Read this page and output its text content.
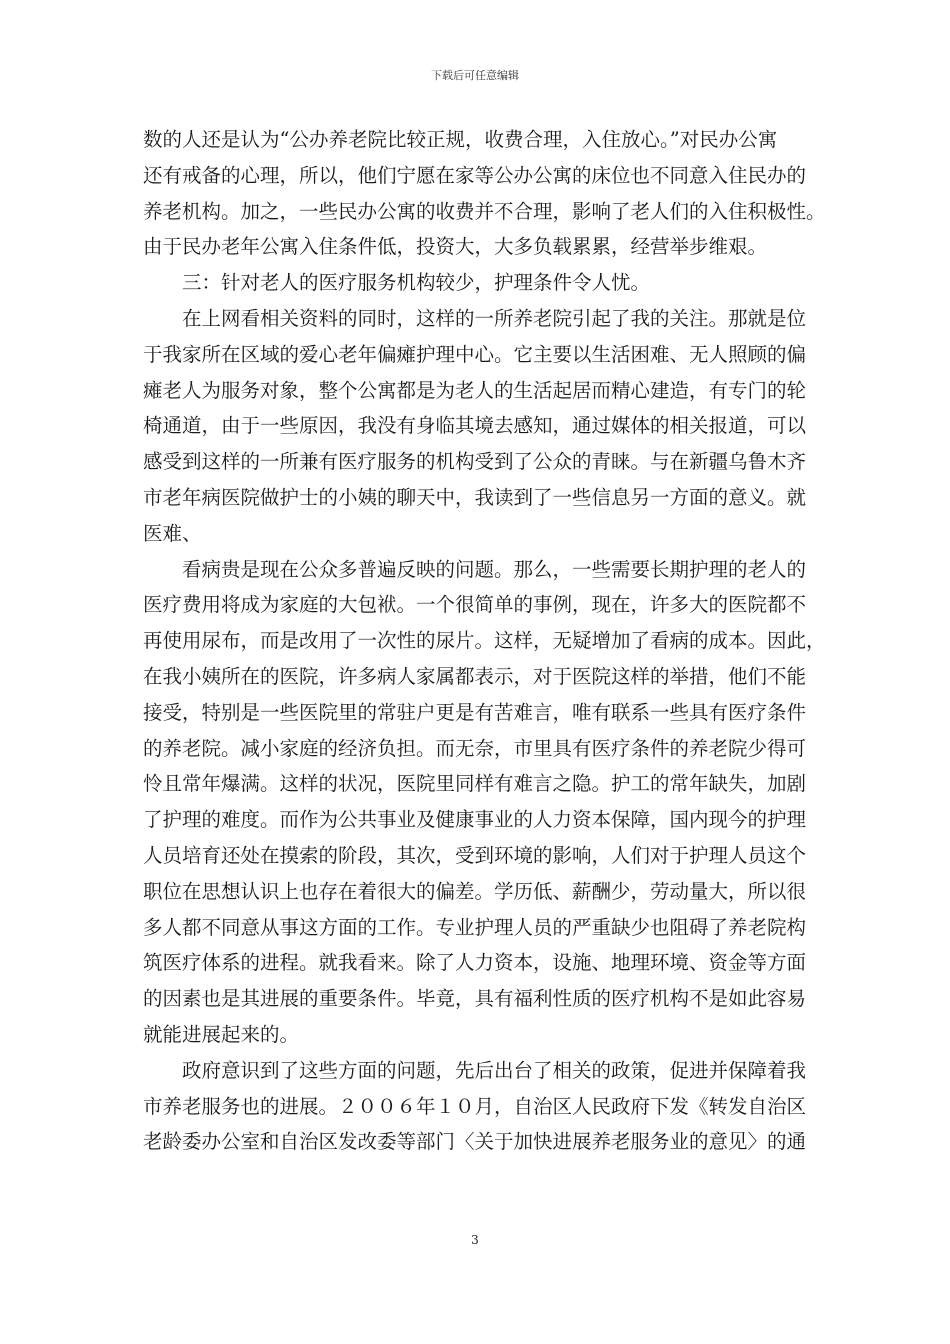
下载后可任意编辑
数的人还是认为“公办养老院比较正规，收费合理，入住放心。”对民办公寓
还有戒备的心理，所以，他们宁愿在家等公办公寓的床位也不同意入住民办的
养老机构。加之，一些民办公寓的收费并不合理，影响了老人们的入住积极性。
由于民办老年公寓入住条件低，投资大，大多负载累累，经营举步维艰。
三：针对老人的医疗服务机构较少，护理条件令人忧。
在上网看相关资料的同时，这样的一所养老院引起了我的关注。那就是位
于我家所在区域的爱心老年偏瘫护理中心。它主要以生活困难、无人照顾的偏
瘫老人为服务对象，整个公寓都是为老人的生活起居而精心建造，有专门的轮
椅通道，由于一些原因，我没有身临其境去感知，通过媒体的相关报道，可以
感受到这样的一所兼有医疗服务的机构受到了公众的青睐。与在新疆乌鲁木齐
市老年病医院做护士的小姨的聊天中，我读到了一些信息另一方面的意义。就
医难、
看病贵是现在公众多普遍反映的问题。那么，一些需要长期护理的老人的
医疗费用将成为家庭的大包袱。一个很简单的事例，现在，许多大的医院都不
再使用尿布，而是改用了一次性的尿片。这样，无疑增加了看病的成本。因此，
在我小姨所在的医院，许多病人家属都表示，对于医院这样的举措，他们不能
接受，特别是一些医院里的常驻户更是有苦难言，唯有联系一些具有医疗条件
的养老院。减小家庭的经济负担。而无奈，市里具有医疗条件的养老院少得可
怜且常年爆满。这样的状况，医院里同样有难言之隐。护工的常年缺失，加剧
了护理的难度。而作为公共事业及健康事业的人力资本保障，国内现今的护理
人员培育还处在摸索的阶段，其次，受到环境的影响，人们对于护理人员这个
职位在思想认识上也存在着很大的偏差。学历低、薪酬少，劳动量大，所以很
多人都不同意从事这方面的工作。专业护理人员的严重缺少也阻碍了养老院构
筑医疗体系的进程。就我看来。除了人力资本，设施、地理环境、资金等方面
的因素也是其进展的重要条件。毕竟，具有福利性质的医疗机构不是如此容易
就能进展起来的。
政府意识到了这些方面的问题，先后出台了相关的政策，促进并保障着我
市养老服务也的进展。２００６年１０月，自治区人民政府下发《转发自治区
老龄委办公室和自治区发改委等部门〈关于加快进展养老服务业的意见〉的通
3
